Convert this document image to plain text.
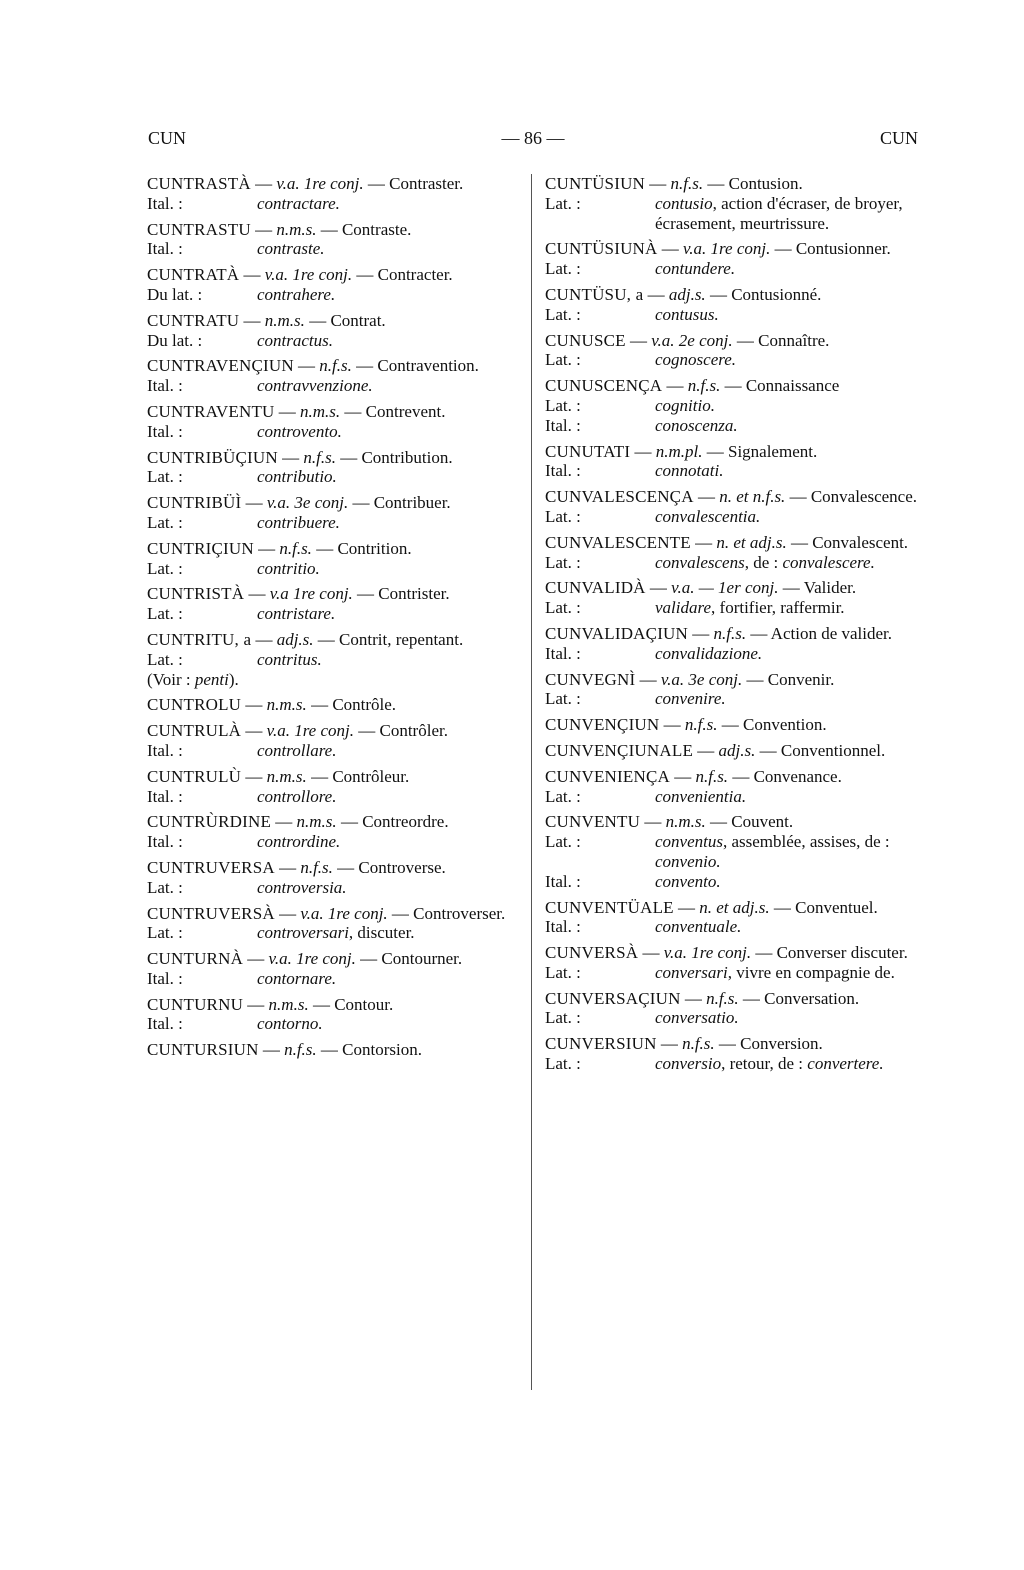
CUN	— 86 —	CUN
CUNTRASTÀ — v.a. 1re conj. — Contraster.
Ital. :	contractare.
CUNTRASTU — n.m.s. — Contraste.
Ital. :	contraste.
CUNTRATÀ — v.a. 1re conj. — Contracter.
Du lat. :	contrahere.
CUNTRATU — n.m.s. — Contrat.
Du lat. :	contractus.
CUNTRAVENÇIUN — n.f.s. — Contravention.
Ital. :	contravvenzione.
CUNTRAVENTU — n.m.s. — Contrevent.
Ital. :	controvento.
CUNTRIBÜÇIUN — n.f.s. — Contribution.
Lat. :	contributio.
CUNTRIBÜÌ — v.a. 3e conj. — Contribuer.
Lat. :	contribuere.
CUNTRIÇIUN — n.f.s. — Contrition.
Lat. :	contritio.
CUNTRISTÀ — v.a 1re conj. — Contrister.
Lat. :	contristare.
CUNTRITU, a — adj.s. — Contrit, repentant.
Lat. :	contritus.
(Voir : penti).
CUNTROLU — n.m.s. — Contrôle.
CUNTRULÀ — v.a. 1re conj. — Contrôler.
Ital. :	controllare.
CUNTRULÙ — n.m.s. — Contrôleur.
Ital. :	controllore.
CUNTRÙRDINE — n.m.s. — Contreordre.
Ital. :	contrordine.
CUNTRUVERSA — n.f.s. — Controverse.
Lat. :	controversia.
CUNTRUVERSÀ — v.a. 1re conj. — Controverser.
Lat. :	controversari, discuter.
CUNTURNÀ — v.a. 1re conj. — Contourner.
Ital. :	contornare.
CUNTURNU — n.m.s. — Contour.
Ital. :	contorno.
CUNTURSIUN — n.f.s. — Contorsion.
CUNTÜSIUN — n.f.s. — Contusion.
Lat. :	contusio, action d'écraser, de broyer, écrasement, meurtrissure.
CUNTÜSIUNÀ — v.a. 1re conj. — Contusionner.
Lat. :	contundere.
CUNTÜSU, a — adj.s. — Contusionné.
Lat. :	contusus.
CUNUSCE — v.a. 2e conj. — Connaître.
Lat. :	cognoscere.
CUNUSCENÇA — n.f.s. — Connaissance
Lat. :	cognitio.
Ital. :	conoscenza.
CUNUTATI — n.m.pl. — Signalement.
Ital. :	connotati.
CUNVALESCENÇA — n. et n.f.s. — Convalescence.
Lat. :	convalescentia.
CUNVALESCENTE — n. et adj.s. — Convalescent.
Lat. :	convalescens, de : convalescere.
CUNVALIDÀ — v.a. — 1er conj. — Valider.
Lat. :	validare, fortifier, raffermir.
CUNVALIDAÇIUN — n.f.s. — Action de valider.
Ital. :	convalidazione.
CUNVEGNÌ — v.a. 3e conj. — Convenir.
Lat. :	convenire.
CUNVENÇIUN — n.f.s. — Convention.
CUNVENÇIUNALE — adj.s. — Conventionnel.
CUNVENIENÇA — n.f.s. — Convenance.
Lat. :	convenientia.
CUNVENTU — n.m.s. — Couvent.
Lat. :	conventus, assemblée, assises, de : convenio.
Ital. :	convento.
CUNVENTÜALE — n. et adj.s. — Conventuel.
Ital. :	conventuale.
CUNVERSÀ — v.a. 1re conj. — Converser discuter.
Lat. :	conversari, vivre en compagnie de.
CUNVERSAÇIUN — n.f.s. — Conversation.
Lat. :	conversatio.
CUNVERSIUN — n.f.s. — Conversion.
Lat. :	conversio, retour, de : convertere.
